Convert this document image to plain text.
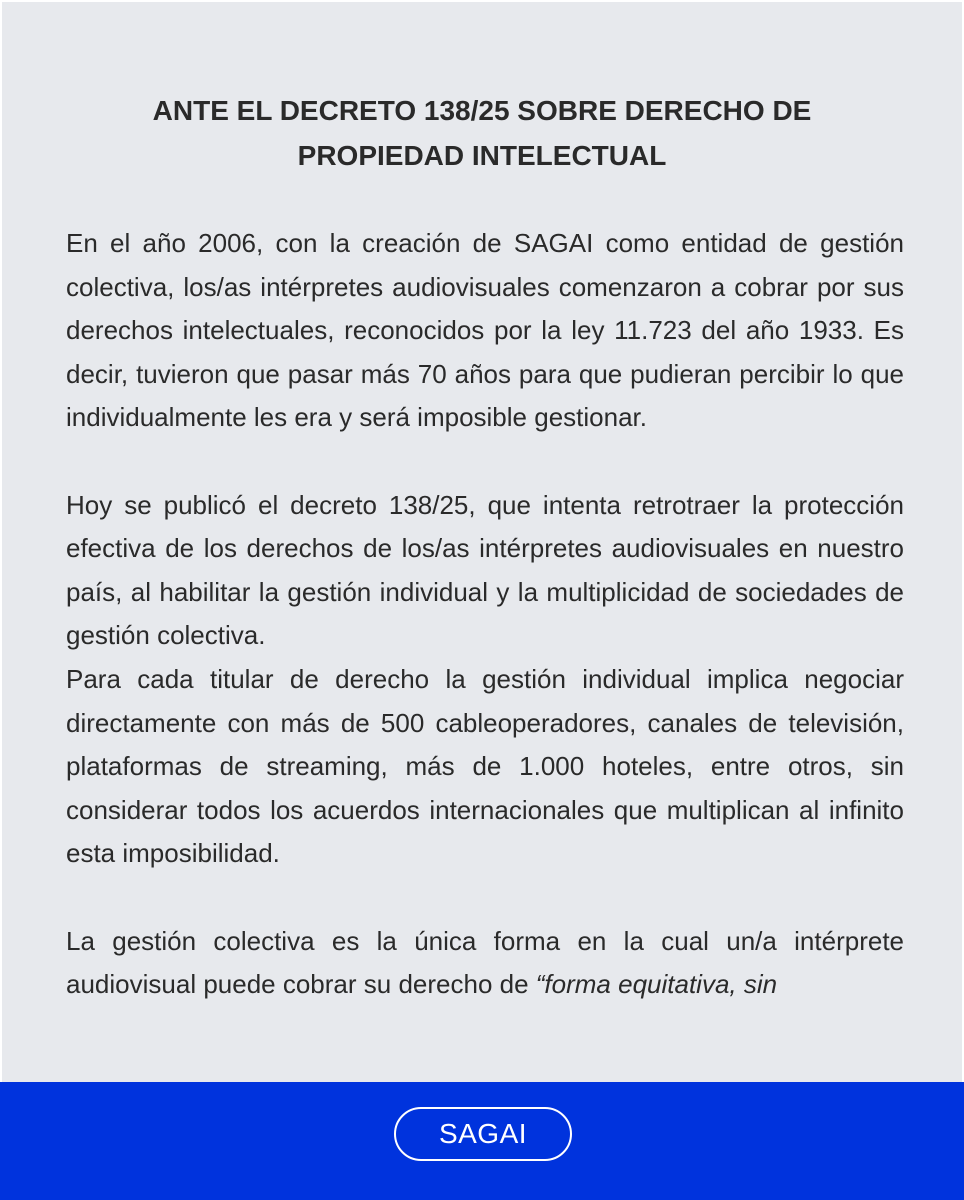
ANTE EL DECRETO 138/25 SOBRE DERECHO DE
PROPIEDAD INTELECTUAL

En el año 2006, con la creación de SAGAI como entidad de gestión colectiva, los/as intérpretes audiovisuales comenzaron a cobrar por sus derechos intelectuales, reconocidos por la ley 11.723 del año 1933. Es decir, tuvieron que pasar más 70 años para que pudieran percibir lo que individualmente les era y será imposible gestionar.

Hoy se publicó el decreto 138/25, que intenta retrotraer la protección efectiva de los derechos de los/as intérpretes audiovisuales en nuestro país, al habilitar la gestión individual y la multiplicidad de sociedades de gestión colectiva.

Para cada titular de derecho la gestión individual implica negociar directamente con más de 500 cableoperadores, canales de televisión, plataformas de streaming, más de 1.000 hoteles, entre otros, sin considerar todos los acuerdos internacionales que multiplican al infinito esta imposibilidad.

La gestión colectiva es la única forma en la cual un/a intérprete audiovisual puede cobrar su derecho de “forma equitativa, sin

SAGAI
